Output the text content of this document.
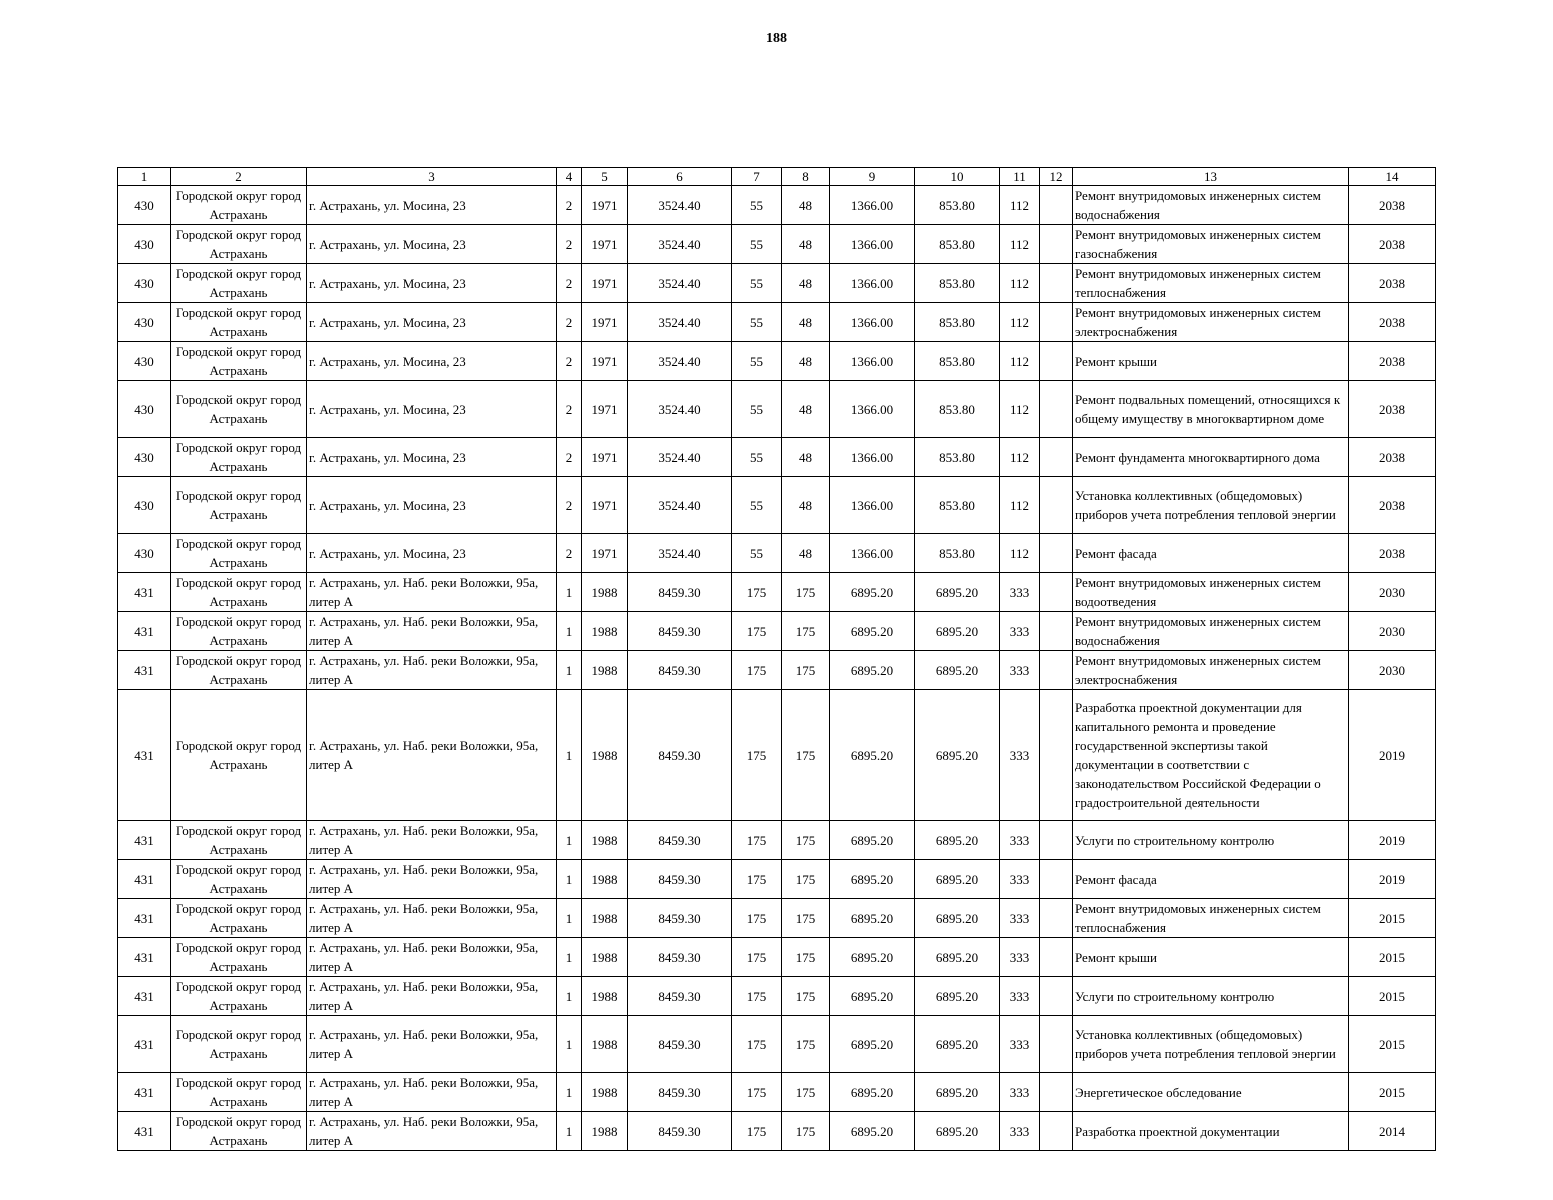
188
1	2	3	4	5	6	7	8	9	10	11	12	13	14
430	Городской округ город Астрахань	г. Астрахань, ул. Мосина, 23	2	1971	3524.40	55	48	1366.00	853.80	112		Ремонт внутридомовых инженерных систем водоснабжения	2038
430	Городской округ город Астрахань	г. Астрахань, ул. Мосина, 23	2	1971	3524.40	55	48	1366.00	853.80	112		Ремонт внутридомовых инженерных систем газоснабжения	2038
430	Городской округ город Астрахань	г. Астрахань, ул. Мосина, 23	2	1971	3524.40	55	48	1366.00	853.80	112		Ремонт внутридомовых инженерных систем теплоснабжения	2038
430	Городской округ город Астрахань	г. Астрахань, ул. Мосина, 23	2	1971	3524.40	55	48	1366.00	853.80	112		Ремонт внутридомовых инженерных систем электроснабжения	2038
430	Городской округ город Астрахань	г. Астрахань, ул. Мосина, 23	2	1971	3524.40	55	48	1366.00	853.80	112		Ремонт крыши	2038
430	Городской округ город Астрахань	г. Астрахань, ул. Мосина, 23	2	1971	3524.40	55	48	1366.00	853.80	112		Ремонт подвальных помещений, относящихся к общему имуществу в многоквартирном доме	2038
430	Городской округ город Астрахань	г. Астрахань, ул. Мосина, 23	2	1971	3524.40	55	48	1366.00	853.80	112		Ремонт фундамента многоквартирного дома	2038
430	Городской округ город Астрахань	г. Астрахань, ул. Мосина, 23	2	1971	3524.40	55	48	1366.00	853.80	112		Установка коллективных (общедомовых) приборов учета потребления тепловой энергии	2038
430	Городской округ город Астрахань	г. Астрахань, ул. Мосина, 23	2	1971	3524.40	55	48	1366.00	853.80	112		Ремонт фасада	2038
431	Городской округ город Астрахань	г. Астрахань, ул. Наб. реки Воложки, 95а, литер А	1	1988	8459.30	175	175	6895.20	6895.20	333		Ремонт внутридомовых инженерных систем водоотведения	2030
431	Городской округ город Астрахань	г. Астрахань, ул. Наб. реки Воложки, 95а, литер А	1	1988	8459.30	175	175	6895.20	6895.20	333		Ремонт внутридомовых инженерных систем водоснабжения	2030
431	Городской округ город Астрахань	г. Астрахань, ул. Наб. реки Воложки, 95а, литер А	1	1988	8459.30	175	175	6895.20	6895.20	333		Ремонт внутридомовых инженерных систем электроснабжения	2030
431	Городской округ город Астрахань	г. Астрахань, ул. Наб. реки Воложки, 95а, литер А	1	1988	8459.30	175	175	6895.20	6895.20	333		Разработка проектной документации для капитального ремонта и проведение государственной экспертизы такой документации в соответствии с законодательством Российской Федерации о градостроительной деятельности	2019
431	Городской округ город Астрахань	г. Астрахань, ул. Наб. реки Воложки, 95а, литер А	1	1988	8459.30	175	175	6895.20	6895.20	333		Услуги по строительному контролю	2019
431	Городской округ город Астрахань	г. Астрахань, ул. Наб. реки Воложки, 95а, литер А	1	1988	8459.30	175	175	6895.20	6895.20	333		Ремонт фасада	2019
431	Городской округ город Астрахань	г. Астрахань, ул. Наб. реки Воложки, 95а, литер А	1	1988	8459.30	175	175	6895.20	6895.20	333		Ремонт внутридомовых инженерных систем теплоснабжения	2015
431	Городской округ город Астрахань	г. Астрахань, ул. Наб. реки Воложки, 95а, литер А	1	1988	8459.30	175	175	6895.20	6895.20	333		Ремонт крыши	2015
431	Городской округ город Астрахань	г. Астрахань, ул. Наб. реки Воложки, 95а, литер А	1	1988	8459.30	175	175	6895.20	6895.20	333		Услуги по строительному контролю	2015
431	Городской округ город Астрахань	г. Астрахань, ул. Наб. реки Воложки, 95а, литер А	1	1988	8459.30	175	175	6895.20	6895.20	333		Установка коллективных (общедомовых) приборов учета потребления тепловой энергии	2015
431	Городской округ город Астрахань	г. Астрахань, ул. Наб. реки Воложки, 95а, литер А	1	1988	8459.30	175	175	6895.20	6895.20	333		Энергетическое обследование	2015
431	Городской округ город Астрахань	г. Астрахань, ул. Наб. реки Воложки, 95а, литер А	1	1988	8459.30	175	175	6895.20	6895.20	333		Разработка проектной документации	2014
